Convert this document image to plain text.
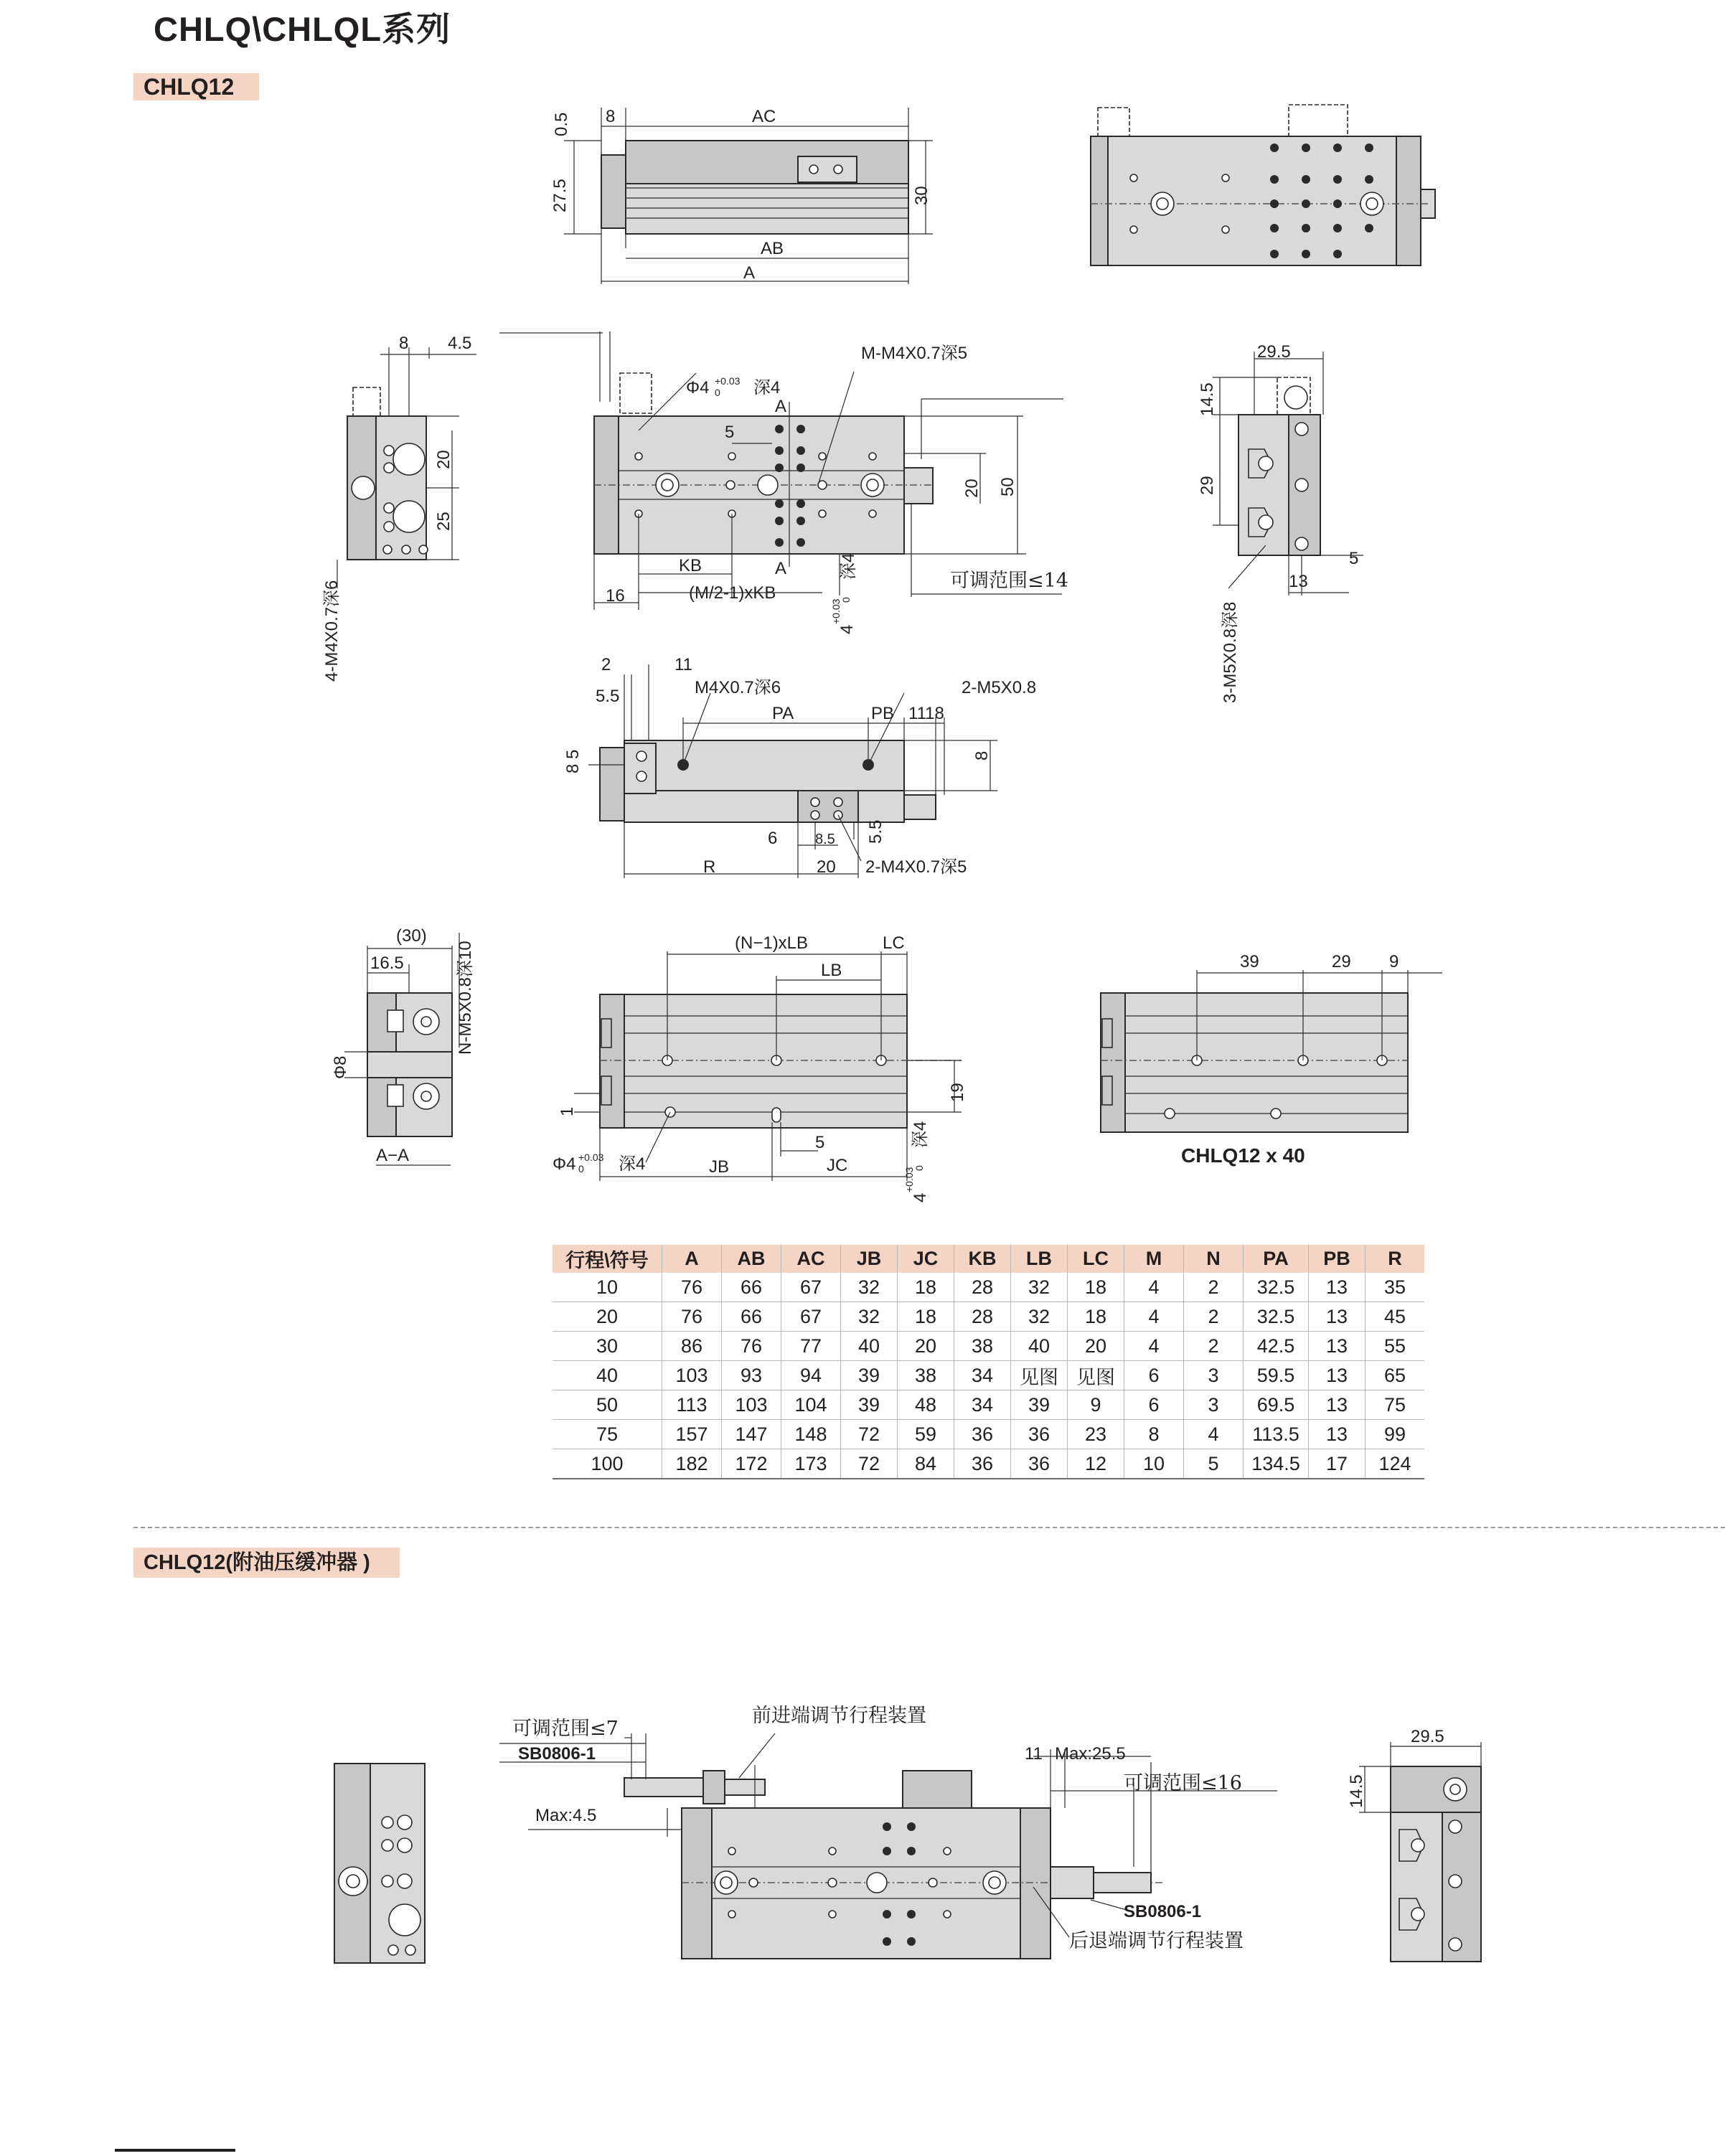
CHLQ\CHLQL系列
CHLQ12
0.5 8	AC
27.5	30
AB
A
8 4.5
20
25
4-M4X0.7深6
Φ4 +0.03
0 深4
M-M4X0.7深5
A
A
5
20 50
KB
16	(M/2-1)xKB
4
+0.03
0
深4
可调范围≤14
29.5
14.5
29
5
13
3-M5X0.8深8
2	11
5.5	M4X0.7深6	2-M5X0.8
PA	PB 1118
8 5	8
6	8.5 5.5
R	20 2-M4X0.7深5
(30)
16.5
Φ8
N-M5X0.8深10
A−A
(N−1)xLB	LC
LB
19
1
Φ4 +0.03
0 深4	JB	JC
5
4
+0.03
0
深4
39	29 9
CHLQ12 x 40
可调范围≤7
SB0806-1
前进端调节行程装置
Max:4.5
11 Max:25.5
可调范围≤16
SB0806-1
后退端调节行程装置
29.5
14.5
行程\符号	A	AB	AC	JB	JC	KB	LB	LC	M	N	PA	PB	R
10	76	66	67	32	18	28	32	18	4	2	32.5	13	35
20	76	66	67	32	18	28	32	18	4	2	32.5	13	45
30	86	76	77	40	20	38	40	20	4	2	42.5	13	55
40	103	93	94	39	38	34	见图	见图	6	3	59.5	13	65
50	113	103	104	39	48	34	39	9	6	3	69.5	13	75
75	157	147	148	72	59	36	36	23	8	4	113.5	13	99
100	182	172	173	72	84	36	36	12	10	5	134.5	17	124
CHLQ12(附油压缓冲器 )
